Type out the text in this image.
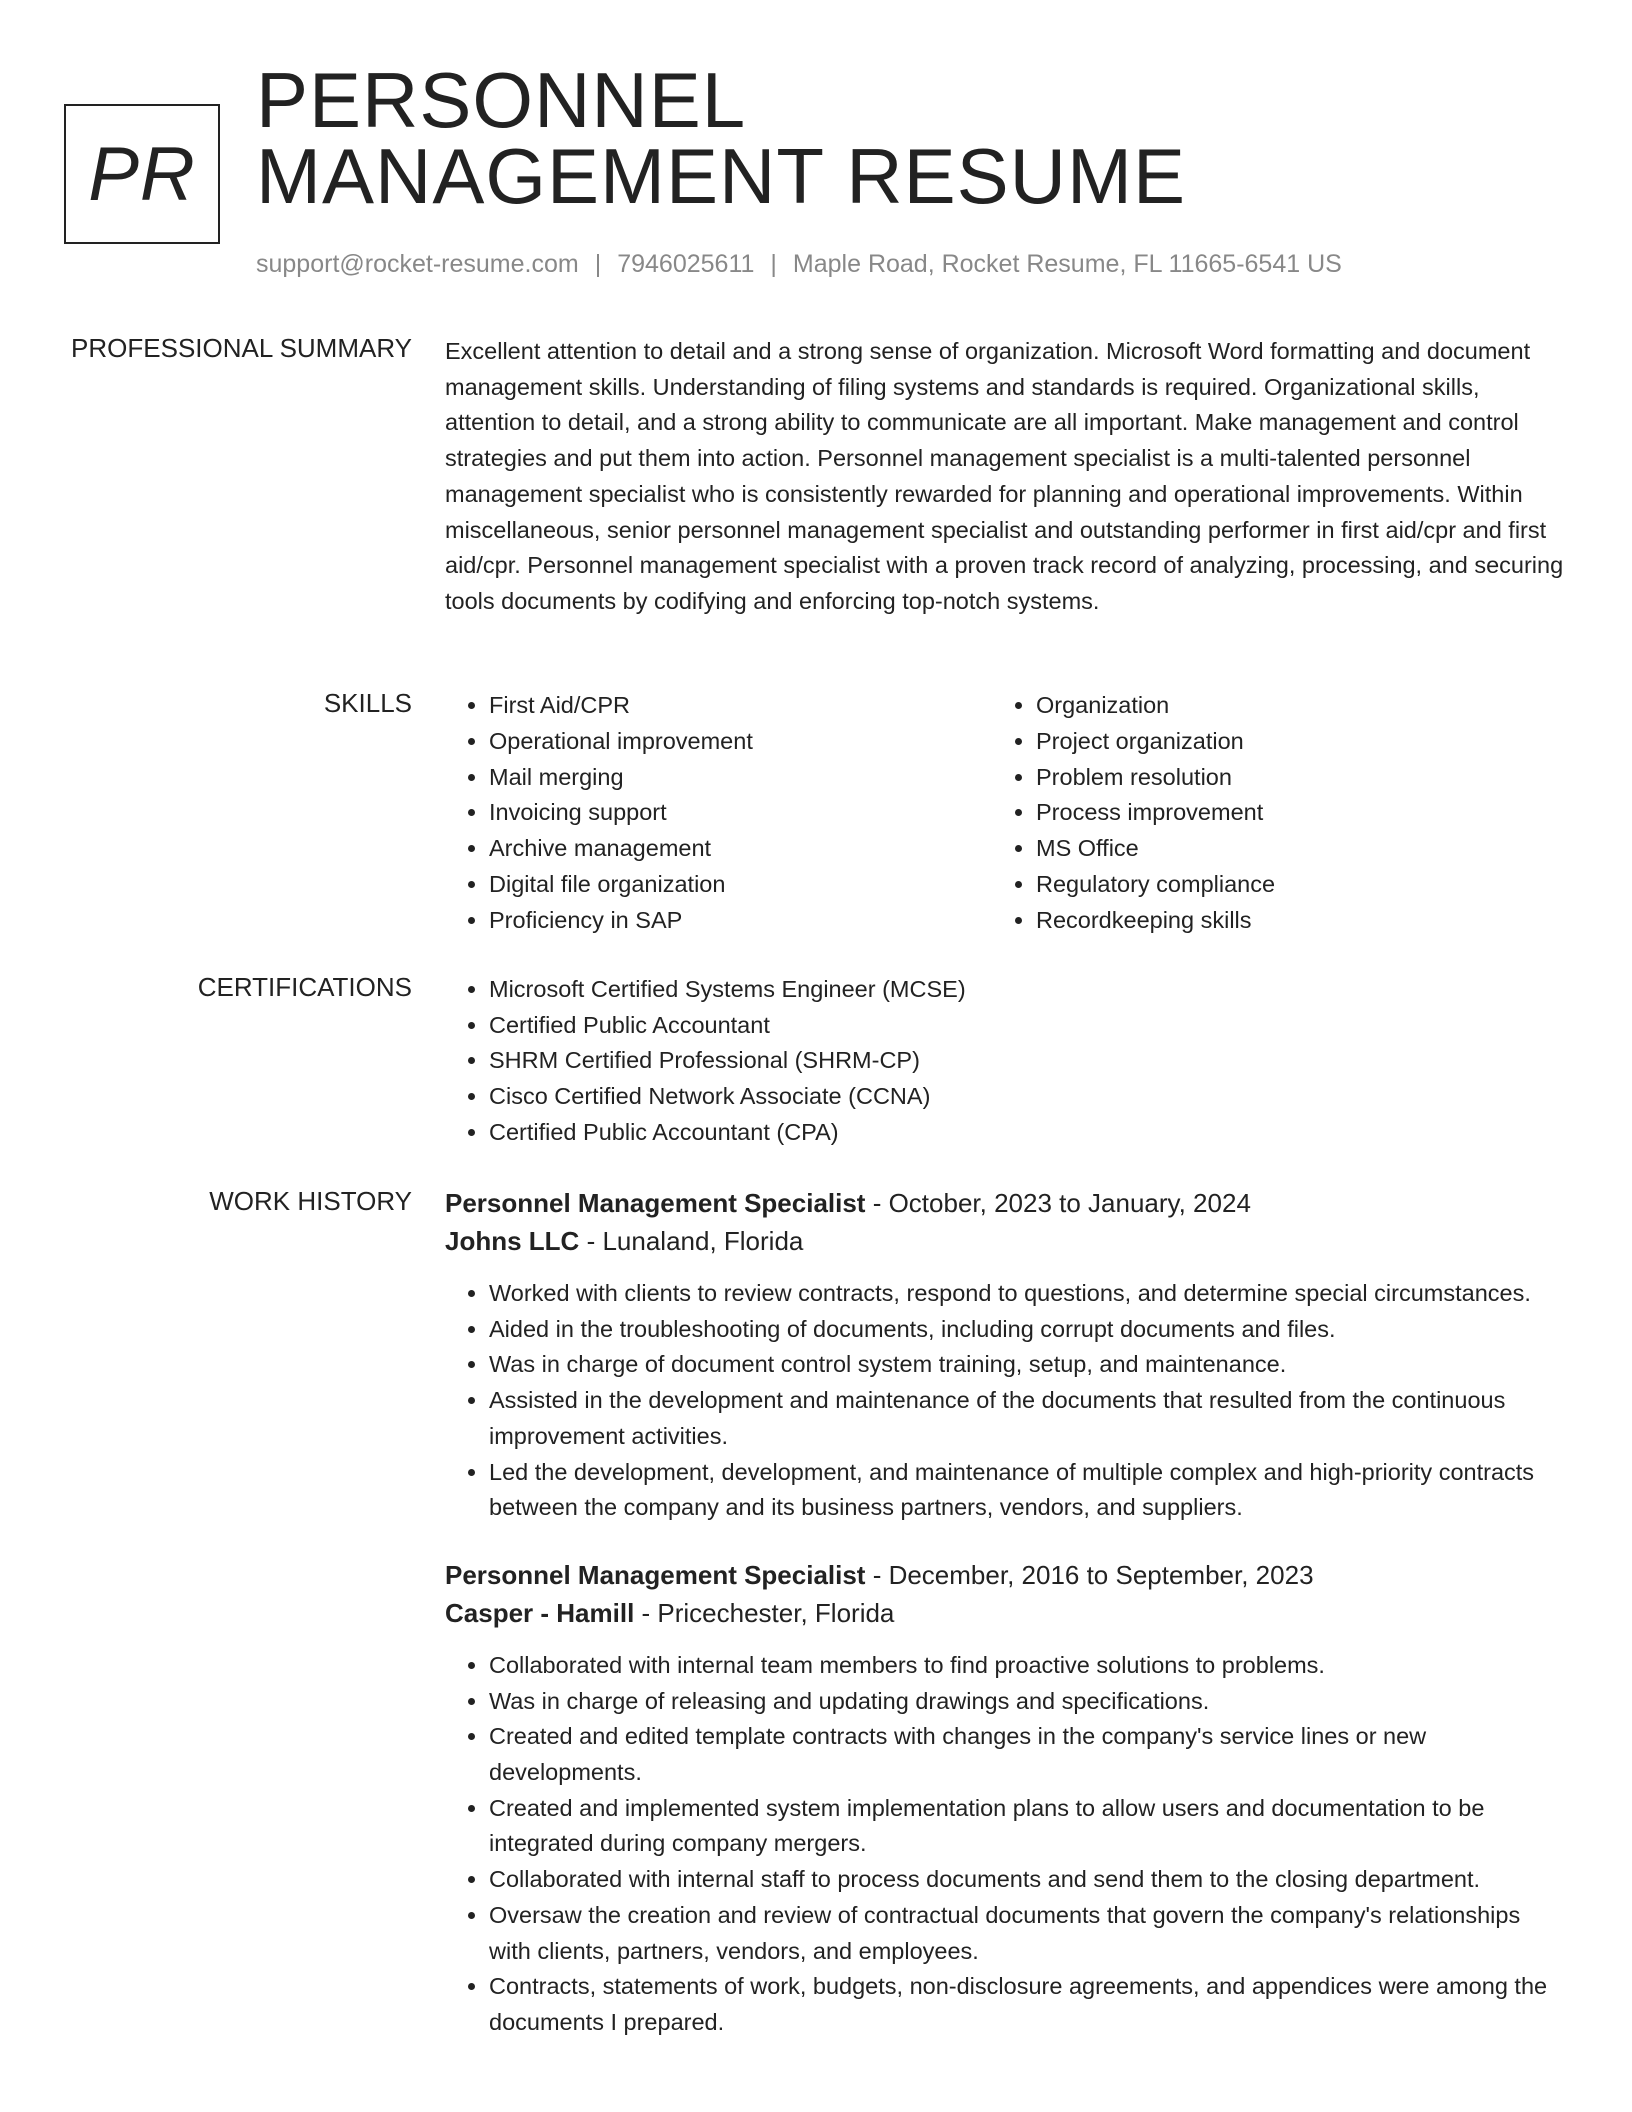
PR
PERSONNEL
MANAGEMENT RESUME
support@rocket-resume.com | 7946025611 | Maple Road, Rocket Resume, FL 11665-6541 US
PROFESSIONAL SUMMARY Excellent attention to detail and a strong sense of organization. Microsoft Word formatting and document management skills. Understanding of filing systems and standards is required. Organizational skills, attention to detail, and a strong ability to communicate are all important. Make management and control strategies and put them into action. Personnel management specialist is a multi-talented personnel management specialist who is consistently rewarded for planning and operational improvements. Within miscellaneous, senior personnel management specialist and outstanding performer in first aid/cpr and first aid/cpr. Personnel management specialist with a proven track record of analyzing, processing, and securing tools documents by codifying and enforcing top-notch systems.
SKILLS	• First Aid/CPR
• Operational improvement
• Mail merging
• Invoicing support
• Archive management
• Digital file organization
• Proficiency in SAP
• Organization
• Project organization
• Problem resolution
• Process improvement
• MS Office
• Regulatory compliance
• Recordkeeping skills
CERTIFICATIONS	• Microsoft Certified Systems Engineer (MCSE)
• Certified Public Accountant
• SHRM Certified Professional (SHRM-CP)
• Cisco Certified Network Associate (CCNA)
• Certified Public Accountant (CPA)
WORK HISTORY Personnel Management Specialist - October, 2023 to January, 2024
Johns LLC - Lunaland, Florida
• Worked with clients to review contracts, respond to questions, and determine special circumstances.
• Aided in the troubleshooting of documents, including corrupt documents and files.
• Was in charge of document control system training, setup, and maintenance.
• Assisted in the development and maintenance of the documents that resulted from the continuous improvement activities.
• Led the development, development, and maintenance of multiple complex and high-priority contracts between the company and its business partners, vendors, and suppliers.
Personnel Management Specialist - December, 2016 to September, 2023
Casper - Hamill - Pricechester, Florida
• Collaborated with internal team members to find proactive solutions to problems.
• Was in charge of releasing and updating drawings and specifications.
• Created and edited template contracts with changes in the company's service lines or new developments.
• Created and implemented system implementation plans to allow users and documentation to be integrated during company mergers.
• Collaborated with internal staff to process documents and send them to the closing department.
• Oversaw the creation and review of contractual documents that govern the company's relationships with clients, partners, vendors, and employees.
• Contracts, statements of work, budgets, non-disclosure agreements, and appendices were among the documents I prepared.
